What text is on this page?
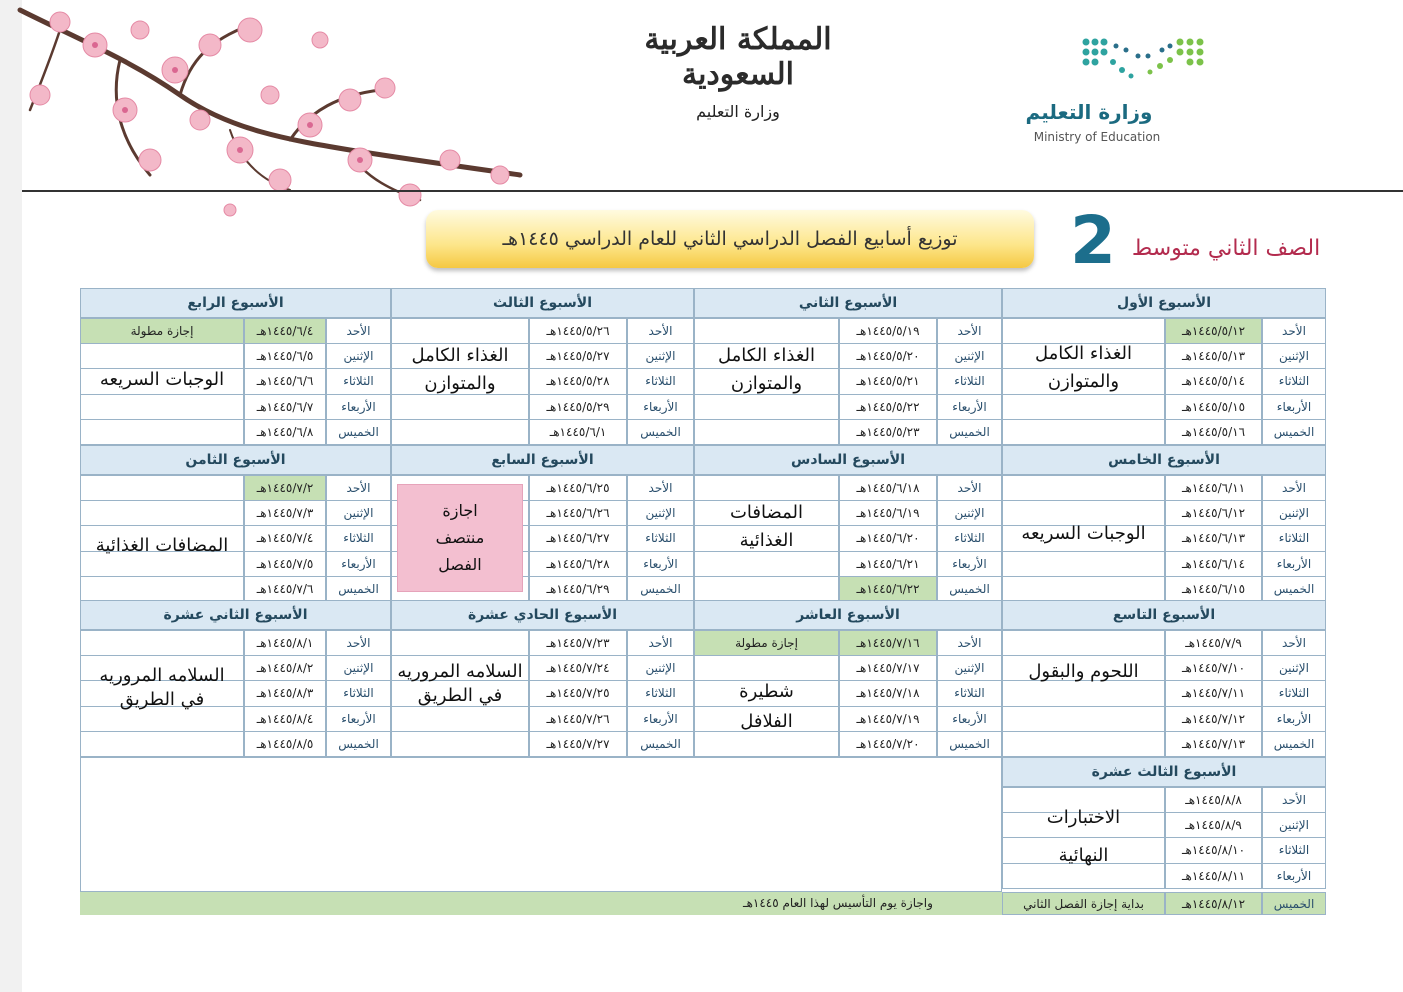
المملكة العربية السعودية
وزارة التعليم	وزارة التعليم
Ministry of Education
توزيع أسابيع الفصل الدراسي الثاني للعام الدراسي ١٤٤٥هـ	2 الصف الثاني متوسط
الأسبوع الأول
الأحد
١٤٤٥/٥/١٢هـ
الإثنين
١٤٤٥/٥/١٣هـ
الثلاثاء
١٤٤٥/٥/١٤هـ
الأربعاء
١٤٤٥/٥/١٥هـ
الخميس
١٤٤٥/٥/١٦هـ
الأسبوع الثاني
الأحد
١٤٤٥/٥/١٩هـ
الإثنين
١٤٤٥/٥/٢٠هـ
الثلاثاء
١٤٤٥/٥/٢١هـ
الأربعاء
١٤٤٥/٥/٢٢هـ
الخميس
١٤٤٥/٥/٢٣هـ
الأسبوع الثالث
الأحد
١٤٤٥/٥/٢٦هـ
الإثنين
١٤٤٥/٥/٢٧هـ
الثلاثاء
١٤٤٥/٥/٢٨هـ
الأربعاء
١٤٤٥/٥/٢٩هـ
الخميس
١٤٤٥/٦/١هـ
الأسبوع الرابع
الأحد
١٤٤٥/٦/٤هـ
إجازة مطولة
الإثنين
١٤٤٥/٦/٥هـ
الثلاثاء
١٤٤٥/٦/٦هـ
الأربعاء
١٤٤٥/٦/٧هـ
الخميس
١٤٤٥/٦/٨هـ
الأسبوع الخامس
الأحد
١٤٤٥/٦/١١هـ
الإثنين
١٤٤٥/٦/١٢هـ
الثلاثاء
١٤٤٥/٦/١٣هـ
الأربعاء
١٤٤٥/٦/١٤هـ
الخميس
١٤٤٥/٦/١٥هـ
الأسبوع السادس
الأحد
١٤٤٥/٦/١٨هـ
الإثنين
١٤٤٥/٦/١٩هـ
الثلاثاء
١٤٤٥/٦/٢٠هـ
الأربعاء
١٤٤٥/٦/٢١هـ
الخميس
١٤٤٥/٦/٢٢هـ
الأسبوع السابع
الأحد
١٤٤٥/٦/٢٥هـ
الإثنين
١٤٤٥/٦/٢٦هـ
الثلاثاء
١٤٤٥/٦/٢٧هـ
الأربعاء
١٤٤٥/٦/٢٨هـ
الخميس
١٤٤٥/٦/٢٩هـ
الأسبوع الثامن
الأحد
١٤٤٥/٧/٢هـ
الإثنين
١٤٤٥/٧/٣هـ
الثلاثاء
١٤٤٥/٧/٤هـ
الأربعاء
١٤٤٥/٧/٥هـ
الخميس
١٤٤٥/٧/٦هـ
الأسبوع التاسع
الأحد
١٤٤٥/٧/٩هـ
الإثنين
١٤٤٥/٧/١٠هـ
الثلاثاء
١٤٤٥/٧/١١هـ
الأربعاء
١٤٤٥/٧/١٢هـ
الخميس
١٤٤٥/٧/١٣هـ
الأسبوع العاشر
الأحد
١٤٤٥/٧/١٦هـ
إجازة مطولة
الإثنين
١٤٤٥/٧/١٧هـ
الثلاثاء
١٤٤٥/٧/١٨هـ
الأربعاء
١٤٤٥/٧/١٩هـ
الخميس
١٤٤٥/٧/٢٠هـ
الأسبوع الحادي عشرة
الأحد
١٤٤٥/٧/٢٣هـ
الإثنين
١٤٤٥/٧/٢٤هـ
الثلاثاء
١٤٤٥/٧/٢٥هـ
الأربعاء
١٤٤٥/٧/٢٦هـ
الخميس
١٤٤٥/٧/٢٧هـ
الأسبوع الثاني عشرة
الأحد
١٤٤٥/٨/١هـ
الإثنين
١٤٤٥/٨/٢هـ
الثلاثاء
١٤٤٥/٨/٣هـ
الأربعاء
١٤٤٥/٨/٤هـ
الخميس
١٤٤٥/٨/٥هـ
الغذاء الكامل
والمتوازن
الغذاء الكامل
والمتوازن
الغذاء الكامل
والمتوازن
الوجبات السريعه
الوجبات السريعه
المضافات
الغذائية
المضافات الغذائية
اللحوم والبقول
شطيرة
الفلافل
السلامه المروريه
في الطريق
السلامه المروريه
في الطريق
اجازة
منتصف
الفصل
الأسبوع الثالث عشرة
الأحد
١٤٤٥/٨/٨هـ
الإثنين
١٤٤٥/٨/٩هـ
الثلاثاء
١٤٤٥/٨/١٠هـ
الأربعاء
١٤٤٥/٨/١١هـ
الاختبارات
النهائية
الخميس
١٤٤٥/٨/١٢هـ
بداية إجازة الفصل الثاني
واجازة يوم التأسيس لهذا العام ١٤٤٥هـ
